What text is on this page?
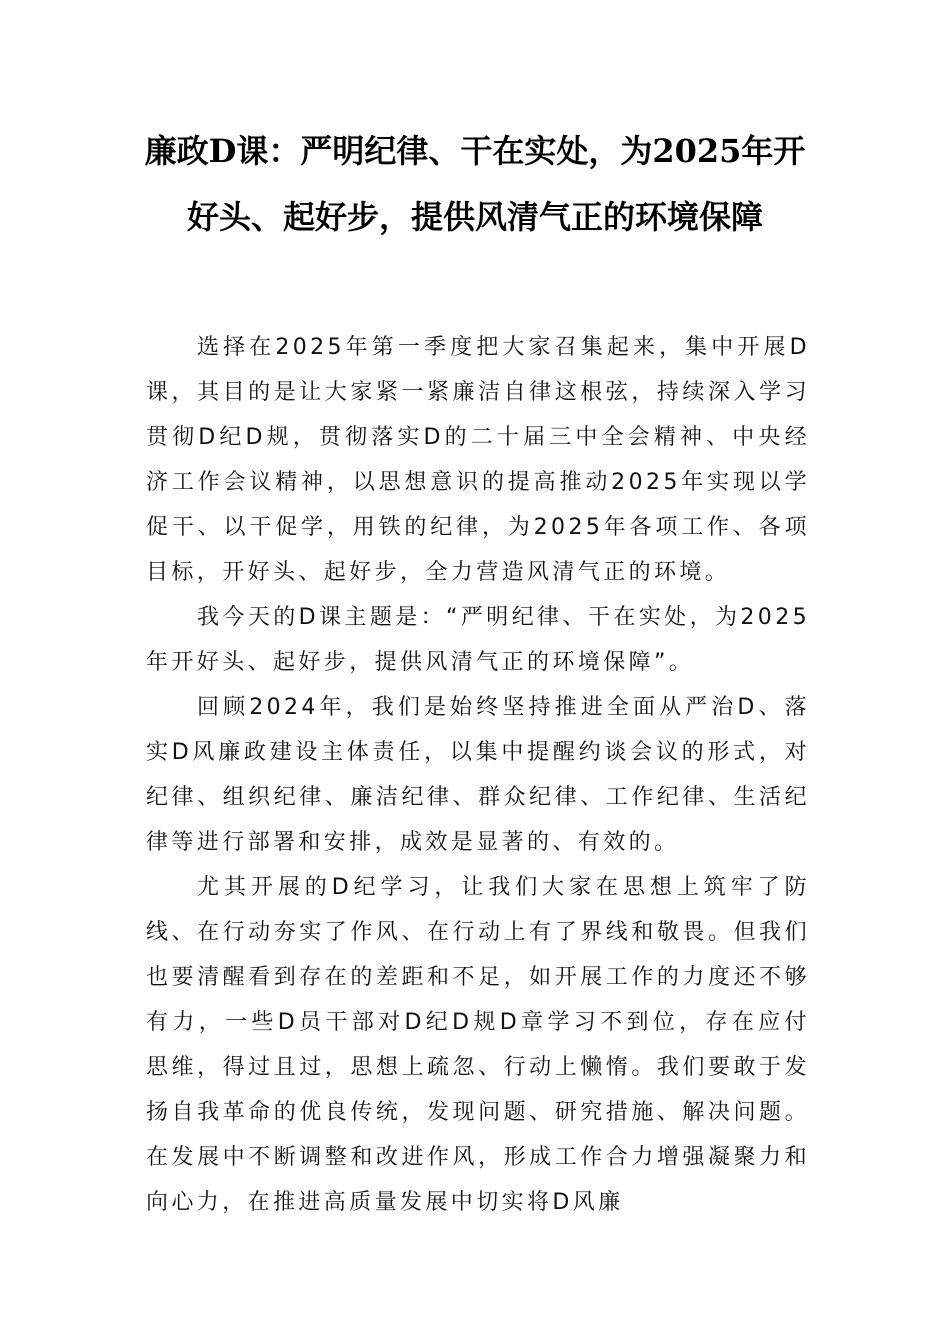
廉政D课：严明纪律、干在实处，为2025年开好头、起好步，提供风清气正的环境保障

选择在2025年第一季度把大家召集起来，集中开展D课，其目的是让大家紧一紧廉洁自律这根弦，持续深入学习贯彻D纪D规，贯彻落实D的二十届三中全会精神、中央经济工作会议精神，以思想意识的提高推动2025年实现以学促干、以干促学，用铁的纪律，为2025年各项工作、各项目标，开好头、起好步，全力营造风清气正的环境。

我今天的D课主题是：“严明纪律、干在实处，为2025年开好头、起好步，提供风清气正的环境保障”。

回顾2024年，我们是始终坚持推进全面从严治D、落实D风廉政建设主体责任，以集中提醒约谈会议的形式，对纪律、组织纪律、廉洁纪律、群众纪律、工作纪律、生活纪律等进行部署和安排，成效是显著的、有效的。

尤其开展的D纪学习，让我们大家在思想上筑牢了防线、在行动夯实了作风、在行动上有了界线和敬畏。但我们也要清醒看到存在的差距和不足，如开展工作的力度还不够有力，一些D员干部对D纪D规D章学习不到位，存在应付思维，得过且过，思想上疏忽、行动上懒惰。我们要敢于发扬自我革命的优良传统，发现问题、研究措施、解决问题。在发展中不断调整和改进作风，形成工作合力增强凝聚力和向心力，在推进高质量发展中切实将D风廉
